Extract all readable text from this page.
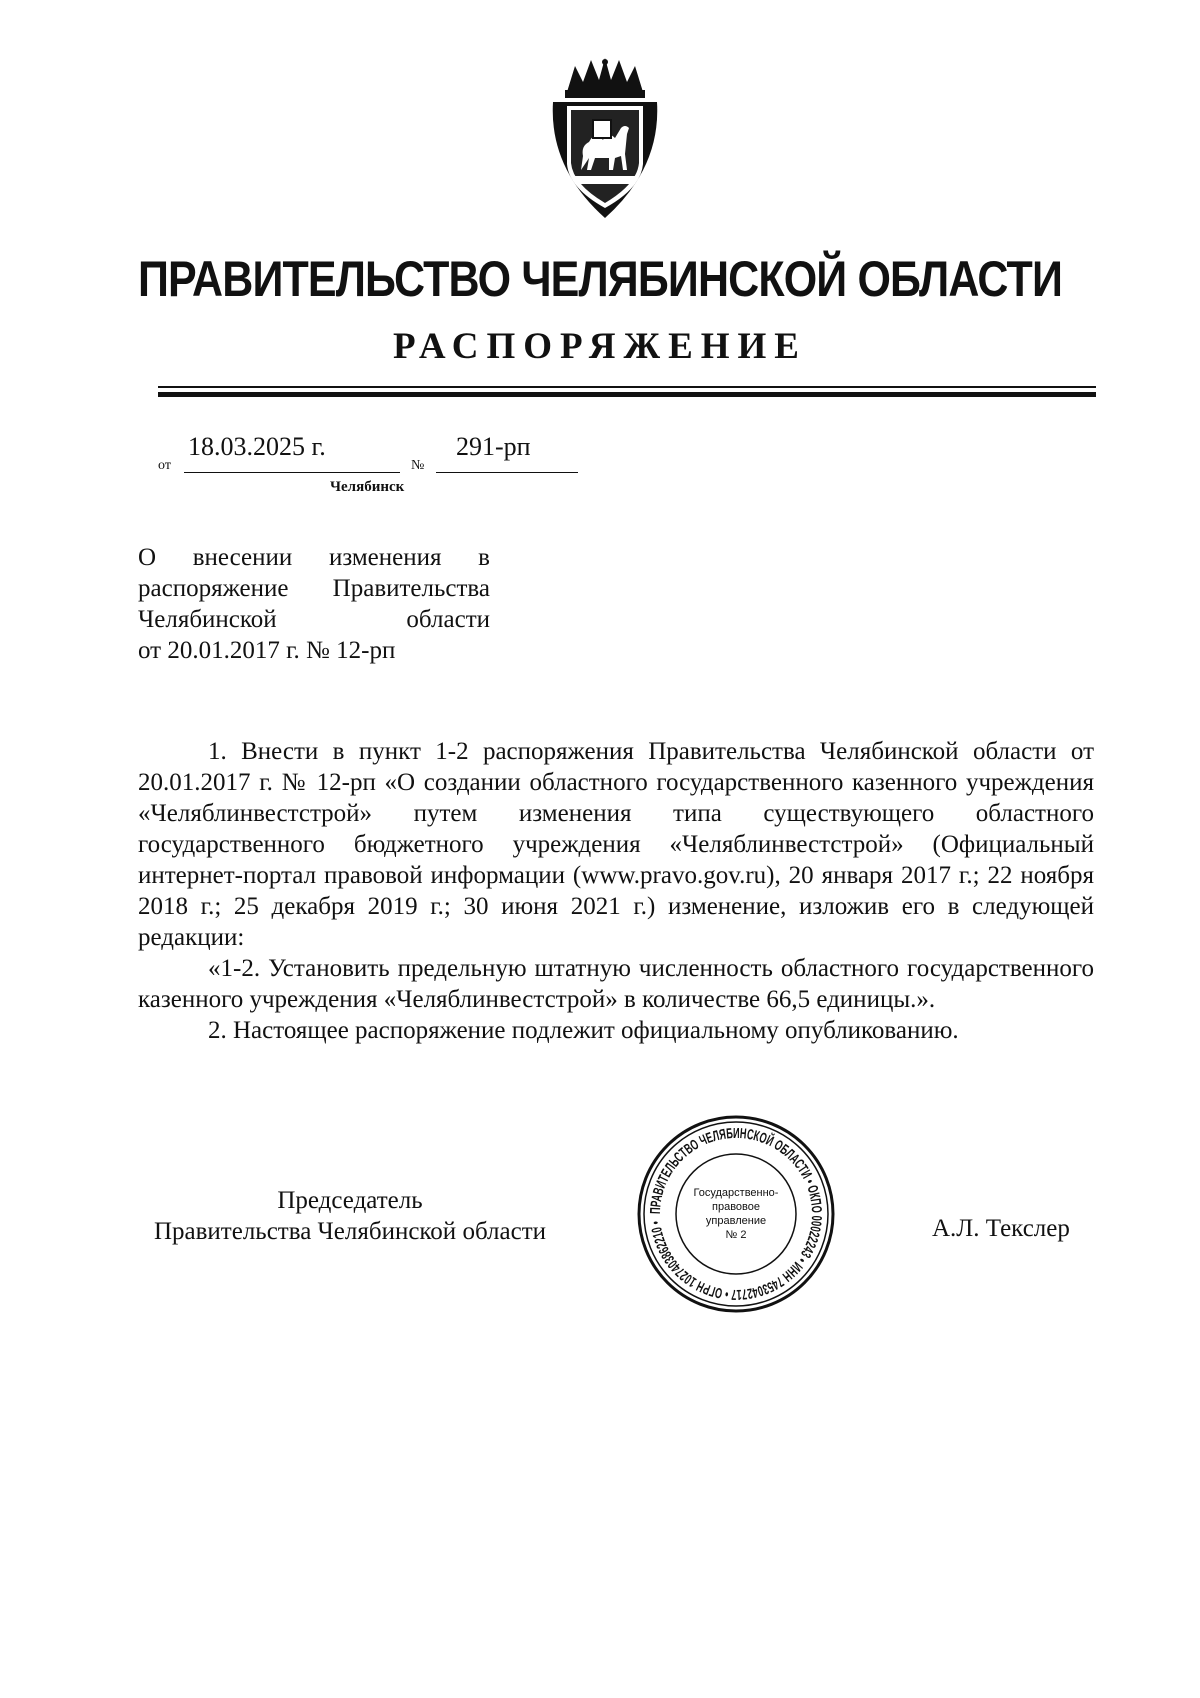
ПРАВИТЕЛЬСТВО ЧЕЛЯБИНСКОЙ ОБЛАСТИ
РАСПОРЯЖЕНИЕ
от
18.03.2025 г.
№
291-рп
Челябинск
О внесении изменения в
распоряжение Правительства
Челябинской области
от 20.01.2017 г. № 12-рп

1. Внести в пункт 1-2 распоряжения Правительства Челябинской области от 20.01.2017 г. № 12-рп «О создании областного государственного казенного учреждения «Челяблинвестстрой» путем изменения типа существующего областного государственного бюджетного учреждения «Челяблинвестстрой» (Официальный интернет-портал правовой информации (www.pravo.gov.ru), 20 января 2017 г.; 22 ноября 2018 г.; 25 декабря 2019 г.; 30 июня 2021 г.) изменение, изложив его в следующей редакции:

«1-2. Установить предельную штатную численность областного государственного казенного учреждения «Челяблинвестстрой» в количестве 66,5 единицы.».

2. Настоящее распоряжение подлежит официальному опубликованию.

Председатель
Правительства Челябинской области
ПРАВИТЕЛЬСТВО ЧЕЛЯБИНСКОЙ ОБЛАСТИ • ОКПО 00022243 • ИНН 7453042717 • ОГРН 1027403862210 •
Государственно-
правовое
управление
№ 2	А.Л. Текслер
